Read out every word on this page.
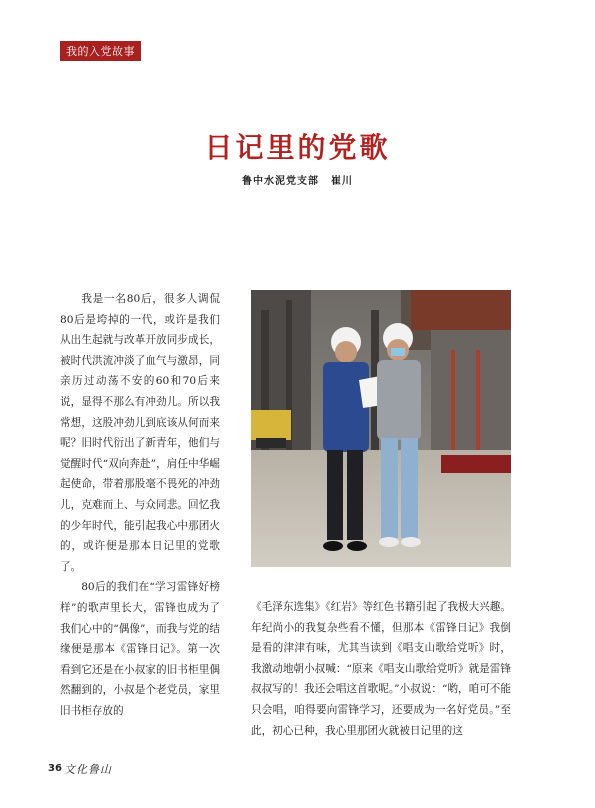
我的入党故事
日记里的党歌
鲁中水泥党支部 崔川

我是一名80后，很多人调侃80后是垮掉的一代，或许是我们从出生起就与改革开放同步成长，被时代洪流冲淡了血气与激昂，同亲历过动荡不安的60和70后来说，显得不那么有冲劲儿。所以我常想，这股冲劲儿到底该从何而来呢？旧时代衍出了新青年，他们与觉醒时代“双向奔赴”，肩任中华崛起使命，带着那股毫不畏死的冲劲儿，克难而上、与众同悲。回忆我的少年时代，能引起我心中那团火的，或许便是那本日记里的党歌了。

80后的我们在“学习雷锋好榜样”的歌声里长大，雷锋也成为了我们心中的“偶像”，而我与党的结缘便是那本《雷锋日记》。第一次看到它还是在小叔家的旧书柜里偶然翻到的，小叔是个老党员，家里旧书柜存放的

《毛泽东选集》《红岩》等红色书籍引起了我极大兴趣。年纪尚小的我复杂些看不懂，但那本《雷锋日记》我倒是看的津津有味，尤其当读到《唱支山歌给党听》时，我激动地朝小叔喊：“原来《唱支山歌给党听》就是雷锋叔叔写的！我还会唱这首歌呢。”小叔说：“哟，咱可不能只会唱，咱得要向雷锋学习，还要成为一名好党员。”至此，初心已种，我心里那团火就被日记里的这

36 文化鲁山
